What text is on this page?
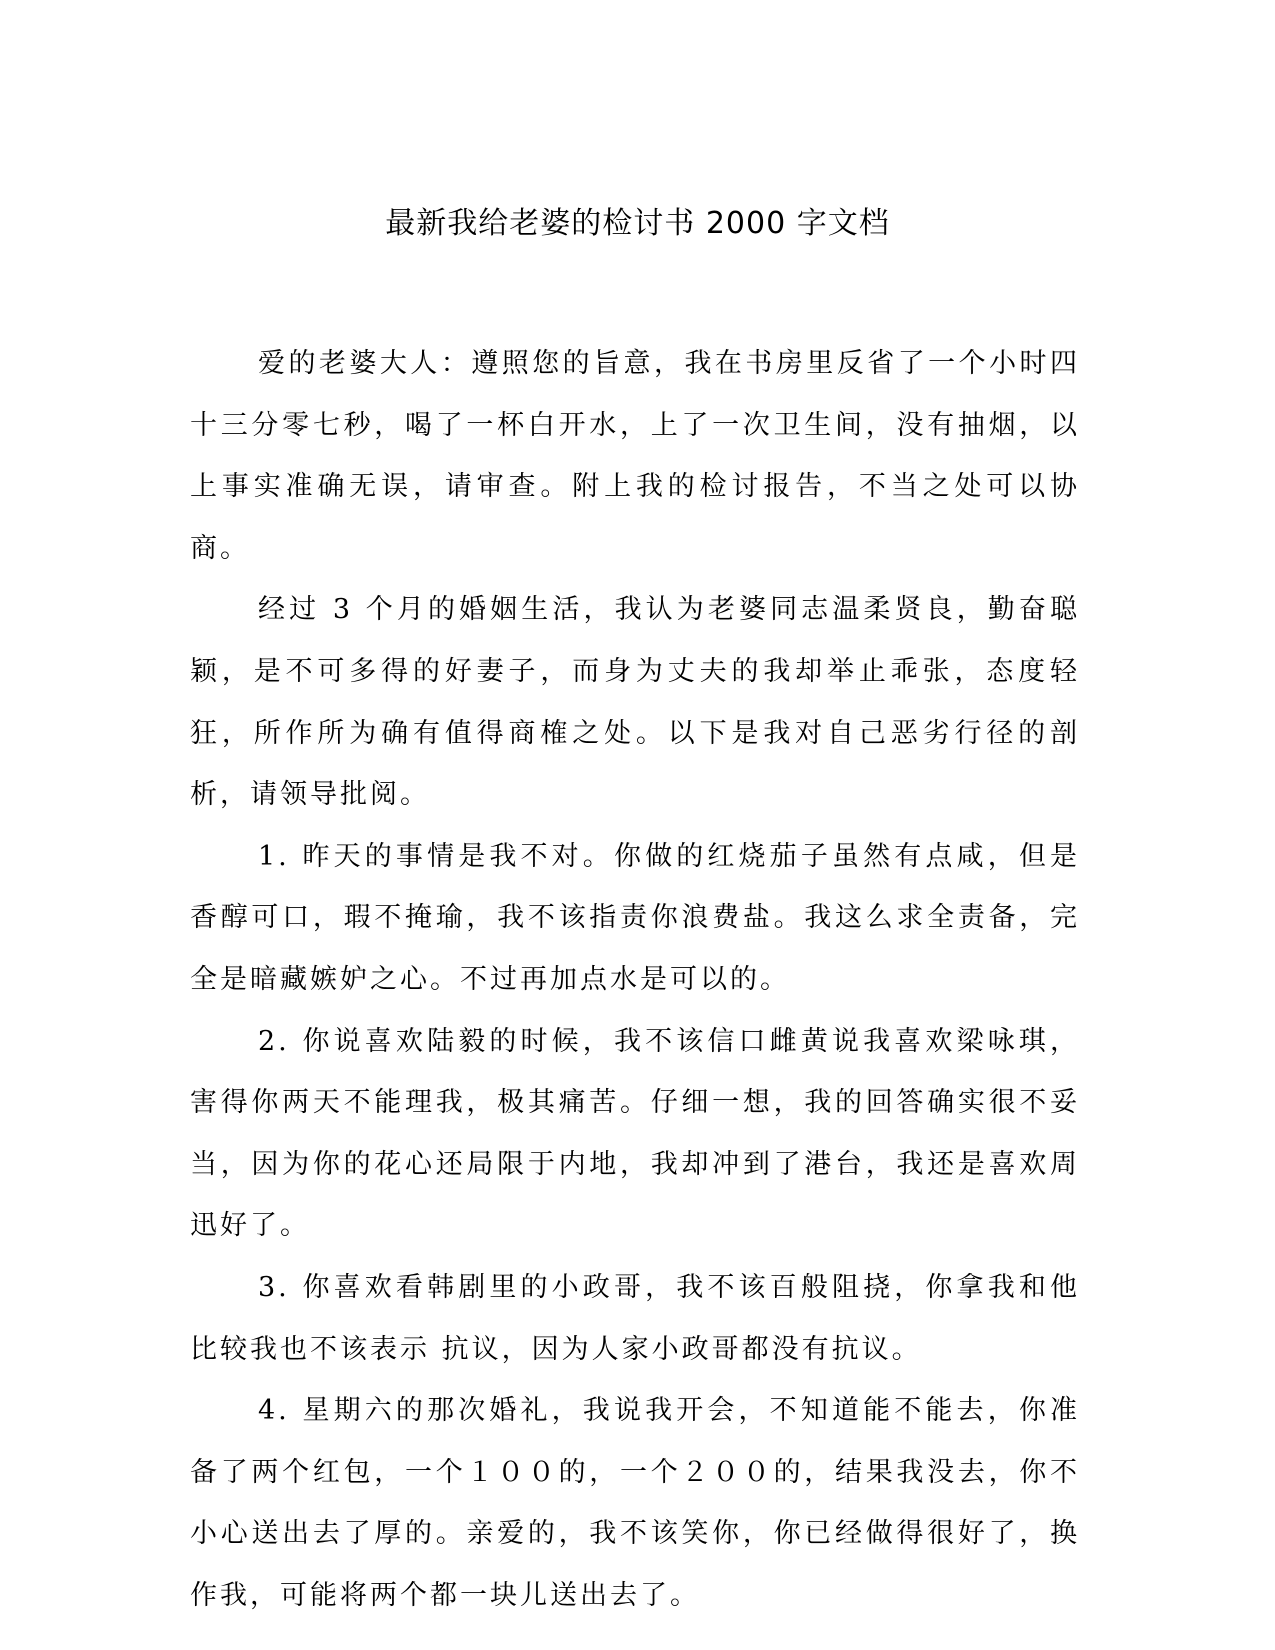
最新我给老婆的检讨书 2000 字文档

爱的老婆大人：遵照您的旨意，我在书房里反省了一个小时四十三分零七秒，喝了一杯白开水，上了一次卫生间，没有抽烟，以上事实准确无误，请审查。附上我的检讨报告，不当之处可以协商。

经过 3 个月的婚姻生活，我认为老婆同志温柔贤良，勤奋聪颖，是不可多得的好妻子，而身为丈夫的我却举止乖张，态度轻狂，所作所为确有值得商榷之处。以下是我对自己恶劣行径的剖析，请领导批阅。

1. 昨天的事情是我不对。你做的红烧茄子虽然有点咸，但是香醇可口，瑕不掩瑜，我不该指责你浪费盐。我这么求全责备，完全是暗藏嫉妒之心。不过再加点水是可以的。

2. 你说喜欢陆毅的时候，我不该信口雌黄说我喜欢梁咏琪，害得你两天不能理我，极其痛苦。仔细一想，我的回答确实很不妥当，因为你的花心还局限于内地，我却冲到了港台，我还是喜欢周迅好了。

3. 你喜欢看韩剧里的小政哥，我不该百般阻挠，你拿我和他比较我也不该表示 抗议，因为人家小政哥都没有抗议。

4. 星期六的那次婚礼，我说我开会，不知道能不能去，你准备了两个红包，一个１００的，一个２００的，结果我没去，你不小心送出去了厚的。亲爱的，我不该笑你，你已经做得很好了，换作我，可能将两个都一块儿送出去了。
